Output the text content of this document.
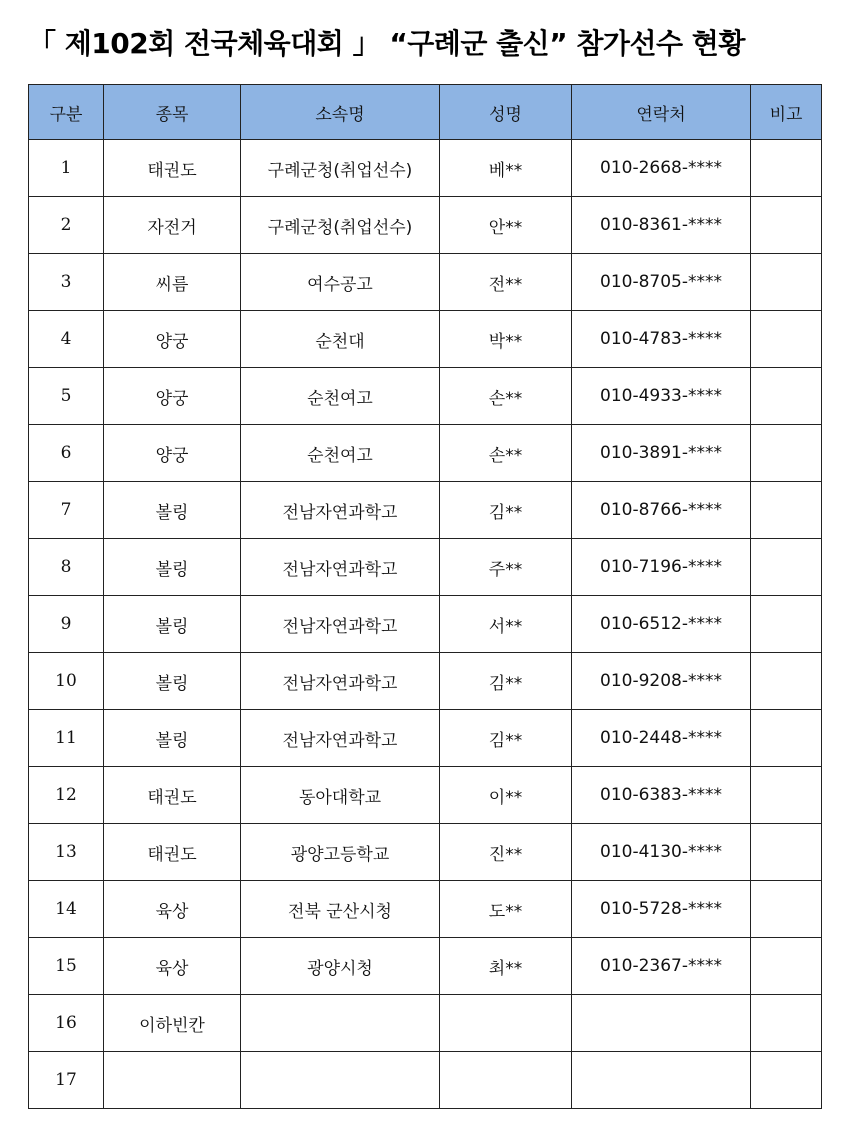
「 제102회 전국체육대회 」 “구례군 출신” 참가선수 현황
구분	종목	소속명	성명	연락처	비고
1	태권도	구례군청(취업선수)	베**	010-2668-****	
2	자전거	구례군청(취업선수)	안**	010-8361-****	
3	씨름	여수공고	전**	010-8705-****	
4	양궁	순천대	박**	010-4783-****	
5	양궁	순천여고	손**	010-4933-****	
6	양궁	순천여고	손**	010-3891-****	
7	볼링	전남자연과학고	김**	010-8766-****	
8	볼링	전남자연과학고	주**	010-7196-****	
9	볼링	전남자연과학고	서**	010-6512-****	
10	볼링	전남자연과학고	김**	010-9208-****	
11	볼링	전남자연과학고	김**	010-2448-****	
12	태권도	동아대학교	이**	010-6383-****	
13	태권도	광양고등학교	진**	010-4130-****	
14	육상	전북 군산시청	도**	010-5728-****	
15	육상	광양시청	최**	010-2367-****	
16	이하빈칸				
17					
